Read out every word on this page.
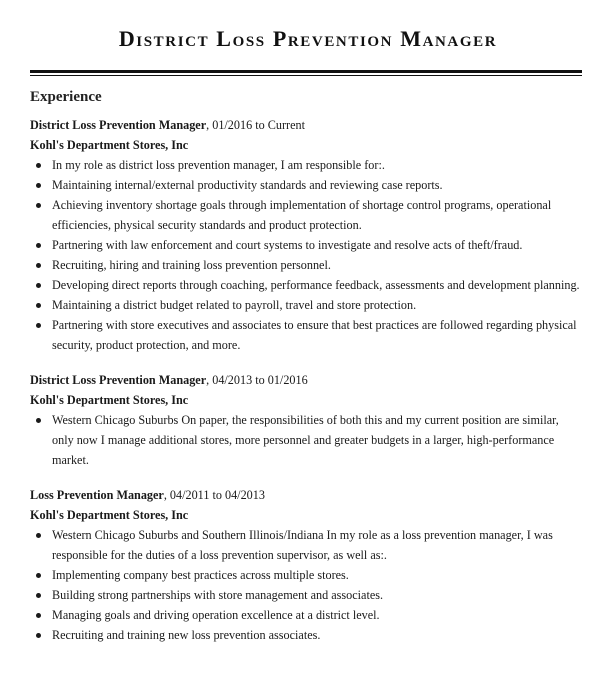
District Loss Prevention Manager
Experience
District Loss Prevention Manager, 01/2016 to Current
Kohl's Department Stores, Inc
In my role as district loss prevention manager, I am responsible for:.
Maintaining internal/external productivity standards and reviewing case reports.
Achieving inventory shortage goals through implementation of shortage control programs, operational efficiencies, physical security standards and product protection.
Partnering with law enforcement and court systems to investigate and resolve acts of theft/fraud.
Recruiting, hiring and training loss prevention personnel.
Developing direct reports through coaching, performance feedback, assessments and development planning.
Maintaining a district budget related to payroll, travel and store protection.
Partnering with store executives and associates to ensure that best practices are followed regarding physical security, product protection, and more.
District Loss Prevention Manager, 04/2013 to 01/2016
Kohl's Department Stores, Inc
Western Chicago Suburbs On paper, the responsibilities of both this and my current position are similar, only now I manage additional stores, more personnel and greater budgets in a larger, high-performance market.
Loss Prevention Manager, 04/2011 to 04/2013
Kohl's Department Stores, Inc
Western Chicago Suburbs and Southern Illinois/Indiana In my role as a loss prevention manager, I was responsible for the duties of a loss prevention supervisor, as well as:.
Implementing company best practices across multiple stores.
Building strong partnerships with store management and associates.
Managing goals and driving operation excellence at a district level.
Recruiting and training new loss prevention associates.
